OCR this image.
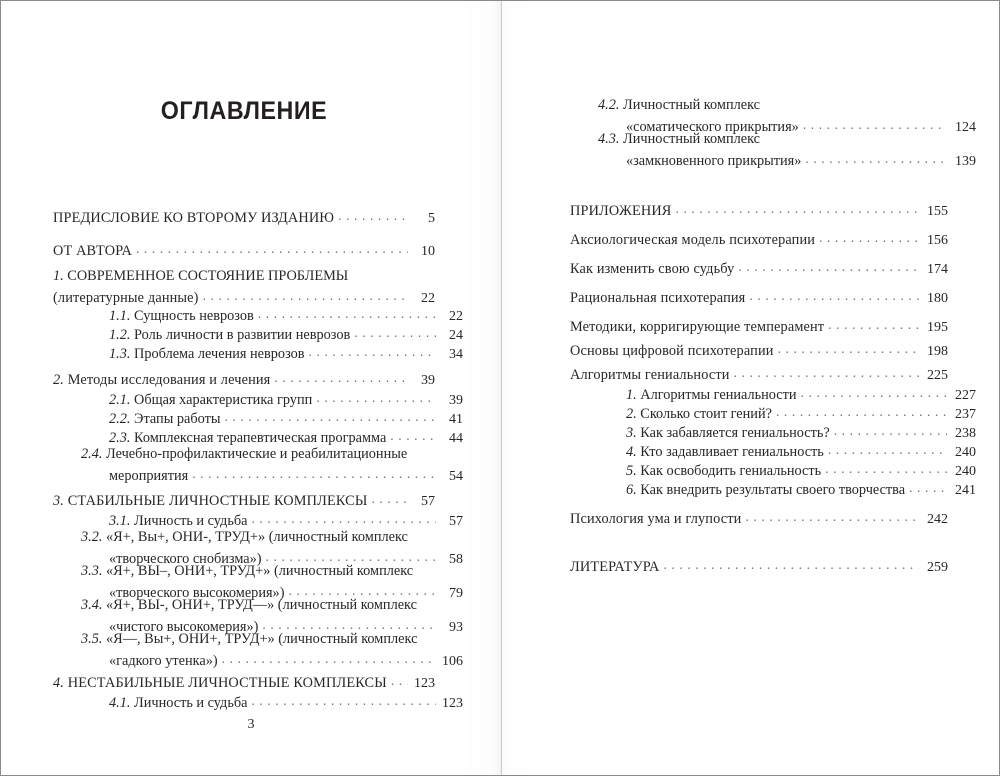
ОГЛАВЛЕНИЕ
ПРЕДИСЛОВИЕ КО ВТОРОМУ ИЗДАНИЮ . . .	5
ОТ АВТОРА . . .	10
1. СОВРЕМЕННОЕ СОСТОЯНИЕ ПРОБЛЕМЫ
(литературные данные) . . .	22
1.1. Сущность неврозов . . .	22
1.2. Роль личности в развитии неврозов . . .	24
1.3. Проблема лечения неврозов . . .	34
2. Методы исследования и лечения . . .	39
2.1. Общая характеристика групп . . .	39
2.2. Этапы работы . . .	41
2.3. Комплексная терапевтическая программа . . .	44
2.4. Лечебно-профилактические и реабилитационные
мероприятия . . .	54
3. СТАБИЛЬНЫЕ ЛИЧНОСТНЫЕ КОМПЛЕКСЫ . . .	57
3.1. Личность и судьба . . .	57
3.2. «Я+, Вы+, ОНИ-, ТРУД+» (личностный комплекс
«творческого снобизма») . . .	58
3.3. «Я+, ВЫ–, ОНИ+, ТРУД+» (личностный комплекс
«творческого высокомерия») . . .	79
3.4. «Я+, ВЫ-, ОНИ+, ТРУД—» (личностный комплекс
«чистого высокомерия») . . .	93
3.5. «Я—, Вы+, ОНИ+, ТРУД+» (личностный комплекс
«гадкого утенка») . . .	106
4. НЕСТАБИЛЬНЫЕ ЛИЧНОСТНЫЕ КОМПЛЕКСЫ . . . 123
4.1. Личность и судьба . . .	123
3
4.2. Личностный комплекс
«соматического прикрытия» . . .	124
4.3. Личностный комплекс
«замкновенного прикрытия» . . .	139
ПРИЛОЖЕНИЯ . . .	155
Аксиологическая модель психотерапии . . .	156
Как изменить свою судьбу . . .	174
Рациональная психотерапия . . .	180
Методики, корригирующие темперамент . . .	195
Основы цифровой психотерапии . . .	198
Алгоритмы гениальности . . .	225
1. Алгоритмы гениальности . . .	227
2. Сколько стоит гений? . . .	237
3. Как забавляется гениальность? . . .	238
4. Кто задавливает гениальность . . .	240
5. Как освободить гениальность . . .	240
6. Как внедрить результаты своего творчества . . .	241
Психология ума и глупости . . .	242
ЛИТЕРАТУРА . . .	259
